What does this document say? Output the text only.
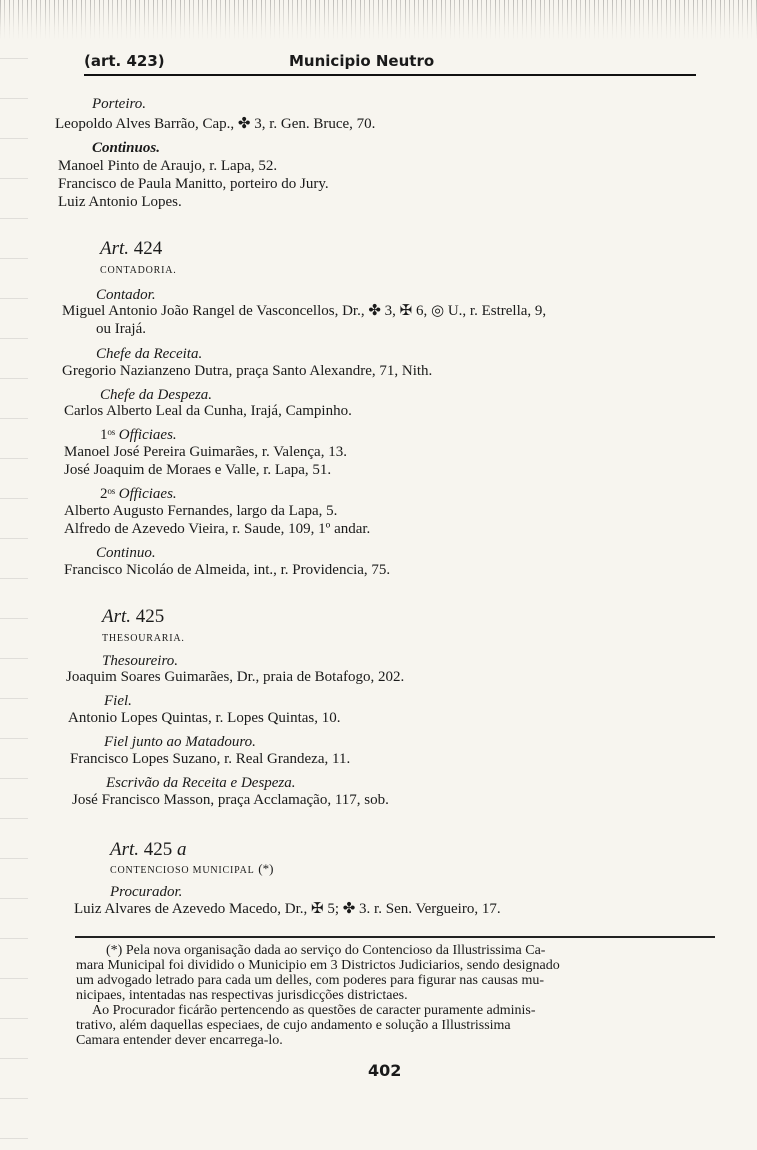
(art. 423)	Municipio Neutro
Porteiro.
Leopoldo Alves Barrão, Cap., ✤ 3, r. Gen. Bruce, 70.
Continuos.
Manoel Pinto de Araujo, r. Lapa, 52.
Francisco de Paula Manitto, porteiro do Jury.
Luiz Antonio Lopes.
Art. 424
CONTADORIA.
Contador.
Miguel Antonio João Rangel de Vasconcellos, Dr., ✤ 3, ✠ 6, ◎ U., r. Estrella, 9,
ou Irajá.
Chefe da Receita.
Gregorio Nazianzeno Dutra, praça Santo Alexandre, 71, Nith.
Chefe da Despeza.
Carlos Alberto Leal da Cunha, Irajá, Campinho.
1ᵒˢ Officiaes.
Manoel José Pereira Guimarães, r. Valença, 13.
José Joaquim de Moraes e Valle, r. Lapa, 51.
2ᵒˢ Officiaes.
Alberto Augusto Fernandes, largo da Lapa, 5.
Alfredo de Azevedo Vieira, r. Saude, 109, 1º andar.
Continuo.
Francisco Nicoláo de Almeida, int., r. Providencia, 75.
Art. 425
THESOURARIA.
Thesoureiro.
Joaquim Soares Guimarães, Dr., praia de Botafogo, 202.
Fiel.
Antonio Lopes Quintas, r. Lopes Quintas, 10.
Fiel junto ao Matadouro.
Francisco Lopes Suzano, r. Real Grandeza, 11.
Escrivão da Receita e Despeza.
José Francisco Masson, praça Acclamação, 117, sob.
Art. 425 a
CONTENCIOSO MUNICIPAL (*)
Procurador.
Luiz Alvares de Azevedo Macedo, Dr., ✠ 5; ✤ 3. r. Sen. Vergueiro, 17.
(*) Pela nova organisação dada ao serviço do Contencioso da Illustrissima Ca-
mara Municipal foi dividido o Municipio em 3 Districtos Judiciarios, sendo designado
um advogado letrado para cada um delles, com poderes para figurar nas causas mu-
nicipaes, intentadas nas respectivas jurisdicções districtaes.
Ao Procurador ficárão pertencendo as questões de caracter puramente adminis-
trativo, além daquellas especiaes, de cujo andamento e solução a Illustrissima
Camara entender dever encarrega-lo.
402
